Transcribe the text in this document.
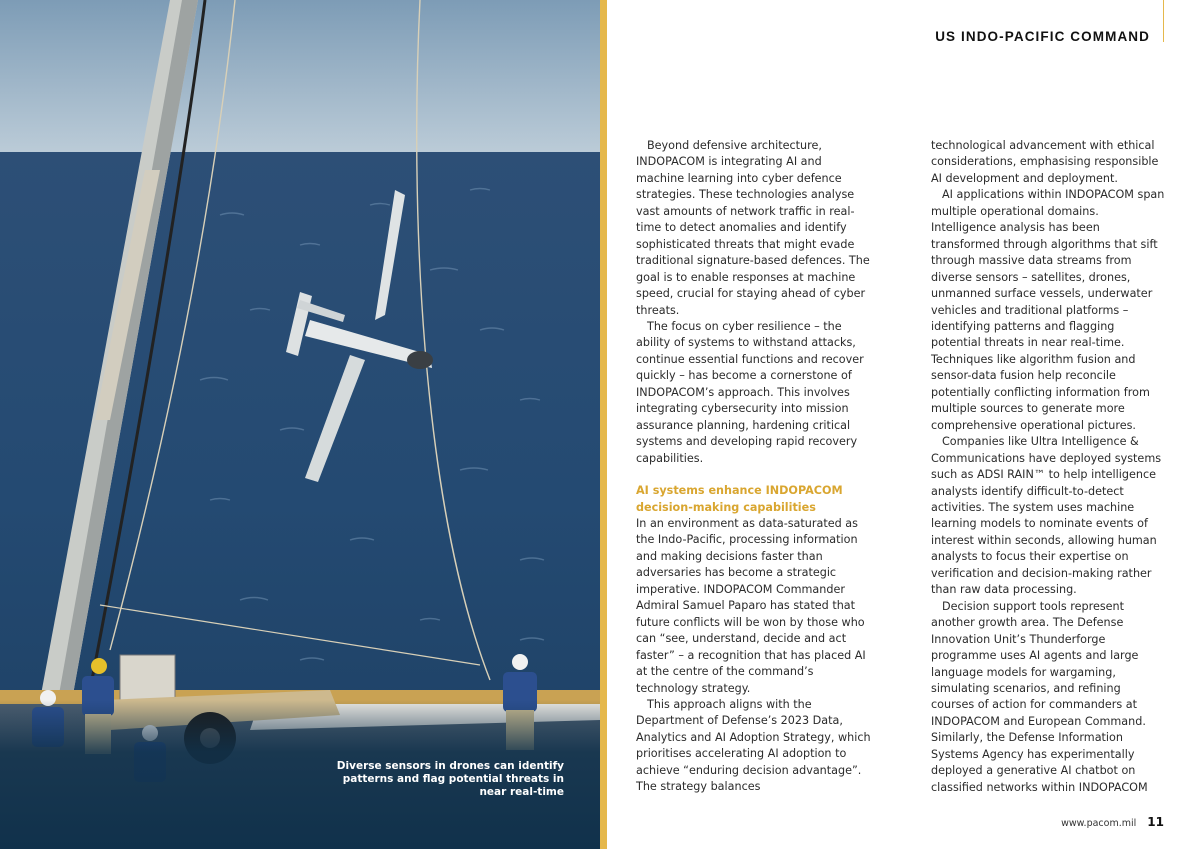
Diverse sensors in drones can identify patterns and flag potential threats in near real-time
US INDO-PACIFIC COMMAND

Beyond defensive architecture, INDOPACOM is integrating AI and machine learning into cyber defence strategies. These technologies analyse vast amounts of network traffic in real-time to detect anomalies and identify sophisticated threats that might evade traditional signature-based defences. The goal is to enable responses at machine speed, crucial for staying ahead of cyber threats.

The focus on cyber resilience – the ability of systems to withstand attacks, continue essential functions and recover quickly – has become a cornerstone of INDOPACOM’s approach. This involves integrating cybersecurity into mission assurance planning, hardening critical systems and developing rapid recovery capabilities.

AI systems enhance INDOPACOM decision-making capabilities

In an environment as data-saturated as the Indo-Pacific, processing information and making decisions faster than adversaries has become a strategic imperative. INDOPACOM Commander Admiral Samuel Paparo has stated that future conflicts will be won by those who can “see, understand, decide and act faster” – a recognition that has placed AI at the centre of the command’s technology strategy.

This approach aligns with the Department of Defense’s 2023 Data, Analytics and AI Adoption Strategy, which prioritises accelerating AI adoption to achieve “enduring decision advantage”. The strategy balances

technological advancement with ethical considerations, emphasising responsible AI development and deployment.

AI applications within INDOPACOM span multiple operational domains. Intelligence analysis has been transformed through algorithms that sift through massive data streams from diverse sensors – satellites, drones, unmanned surface vessels, underwater vehicles and traditional platforms – identifying patterns and flagging potential threats in near real-time. Techniques like algorithm fusion and sensor-data fusion help reconcile potentially conflicting information from multiple sources to generate more comprehensive operational pictures.

Companies like Ultra Intelligence & Communications have deployed systems such as ADSI RAIN™ to help intelligence analysts identify difficult-to-detect activities. The system uses machine learning models to nominate events of interest within seconds, allowing human analysts to focus their expertise on verification and decision-making rather than raw data processing.

Decision support tools represent another growth area. The Defense Innovation Unit’s Thunderforge programme uses AI agents and large language models for wargaming, simulating scenarios, and refining courses of action for commanders at INDOPACOM and European Command. Similarly, the Defense Information Systems Agency has experimentally deployed a generative AI chatbot on classified networks within INDOPACOM

www.pacom.mil 11
